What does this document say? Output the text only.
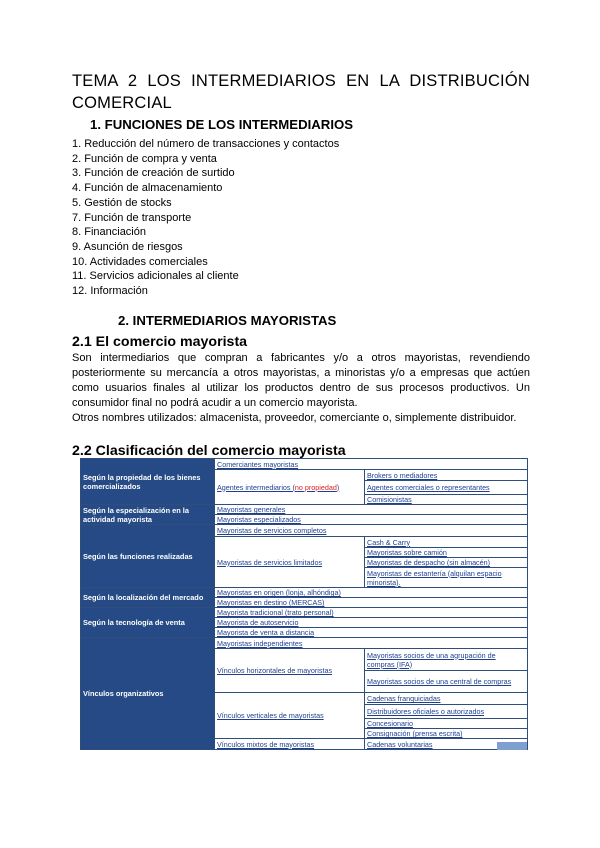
TEMA 2 LOS INTERMEDIARIOS EN LA DISTRIBUCIÓN COMERCIAL
1. FUNCIONES DE LOS INTERMEDIARIOS
1. Reducción del número de transacciones y contactos
2. Función de compra y venta
3. Función de creación de surtido
4. Función de almacenamiento
5. Gestión de stocks
7. Función de transporte
8. Financiación
9. Asunción de riesgos
10. Actividades comerciales
11. Servicios adicionales al cliente
12. Información
2. INTERMEDIARIOS MAYORISTAS
2.1 El comercio mayorista

Son intermediarios que compran a fabricantes y/o a otros mayoristas, revendiendo posteriormente su mercancía a otros mayoristas, a minoristas y/o a empresas que actúen como usuarios finales al utilizar los productos dentro de sus procesos productivos. Un consumidor final no podrá acudir a un comercio mayorista.

Otros nombres utilizados: almacenista, proveedor, comerciante o, simplemente distribuidor.

2.2 Clasificación del comercio mayorista
Según la propiedad de los bienes comercializados	Comerciantes mayoristas	
	Agentes intermediarios (no propiedad)	Brokers o mediadores
		Agentes comerciales o representantes
		Comisionistas
Según la especialización en la actividad mayorista	Mayoristas generales	
	Mayoristas especializados	
Según las funciones realizadas	Mayoristas de servicios completos	
	Mayoristas de servicios limitados	Cash & Carry
		Mayoristas sobre camión
		Mayoristas de despacho (sin almacén)
		Mayoristas de estantería (alquilan espacio minorista).
Según la localización del mercado	Mayoristas en origen (lonja, alhóndiga)	
	Mayoristas en destino (MERCAS)	
Según la tecnología de venta	Mayorista tradicional (trato personal)	
	Mayorista de autoservicio	
	Mayorista de venta a distancia	
Vínculos organizativos	Mayoristas independientes	
	Vínculos horizontales de mayoristas	Mayoristas socios de una agrupación de compras (IFA)
		Mayoristas socios de una central de compras
	Vínculos verticales de mayoristas	Cadenas franquiciadas
		Distribuidores oficiales o autorizados
		Concesionario
		Consignación (prensa escrita)
	Vínculos mixtos de mayoristas	Cadenas voluntarias
